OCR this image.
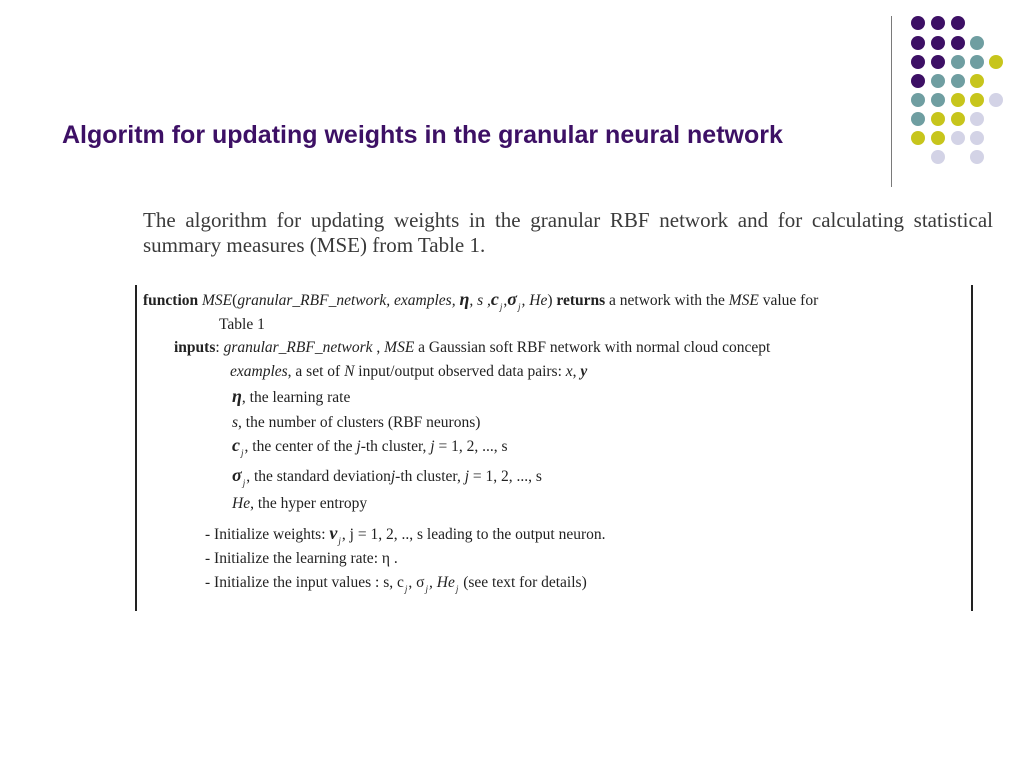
Algoritm for updating weights in the granular neural network
The algorithm for updating weights in the granular RBF network and for calculating statistical summary measures (MSE) from Table 1.
function MSE(granular_RBF_network, examples, η, s $,c_j,\sigma_j$, He) returns a network with the MSE value for
Table 1
inputs: granular_RBF_network , MSE a Gaussian soft RBF network with normal cloud concept
examples, a set of N input/output observed data pairs: x, y
η, the learning rate
s, the number of clusters (RBF neurons)
$c_j$, the center of the j-th cluster, j = 1, 2, ..., s
$\sigma_j$, the standard deviationj-th cluster, j = 1, 2, ..., s
He, the hyper entropy
- Initialize weights: $v_j$, j = 1, 2, .., s leading to the output neuron.
- Initialize the learning rate: η .
- Initialize the input values : s, $c_j$, $\sigma_j$, $He_j$ (see text for details)
